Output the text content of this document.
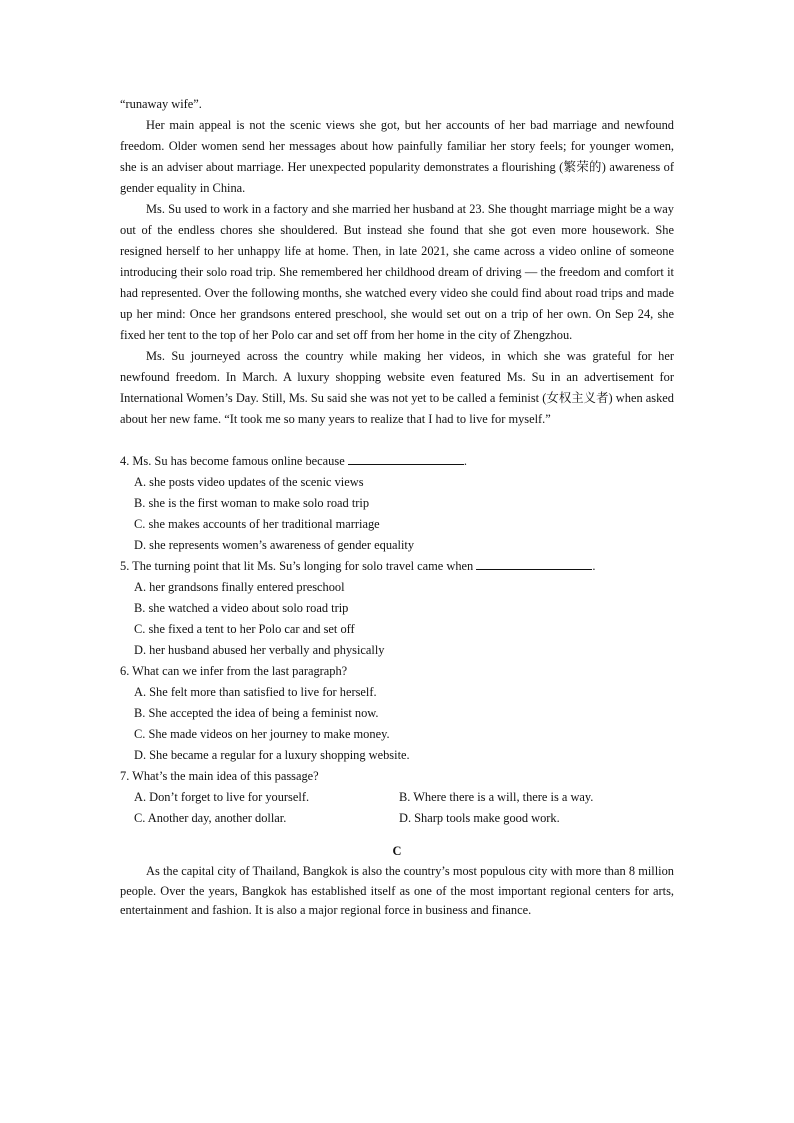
“runaway wife”.

Her main appeal is not the scenic views she got, but her accounts of her bad marriage and newfound freedom. Older women send her messages about how painfully familiar her story feels; for younger women, she is an adviser about marriage. Her unexpected popularity demonstrates a flourishing (繁荣的) awareness of gender equality in China.

Ms. Su used to work in a factory and she married her husband at 23. She thought marriage might be a way out of the endless chores she shouldered. But instead she found that she got even more housework. She resigned herself to her unhappy life at home. Then, in late 2021, she came across a video online of someone introducing their solo road trip. She remembered her childhood dream of driving — the freedom and comfort it had represented. Over the following months, she watched every video she could find about road trips and made up her mind: Once her grandsons entered preschool, she would set out on a trip of her own. On Sep 24, she fixed her tent to the top of her Polo car and set off from her home in the city of Zhengzhou.

Ms. Su journeyed across the country while making her videos, in which she was grateful for her newfound freedom. In March. A luxury shopping website even featured Ms. Su in an advertisement for International Women’s Day. Still, Ms. Su said she was not yet to be called a feminist (女权主义者) when asked about her new fame. “It took me so many years to realize that I had to live for myself.”

4. Ms. Su has become famous online because	.

A. she posts video updates of the scenic views

B. she is the first woman to make solo road trip

C. she makes accounts of her traditional marriage

D. she represents women’s awareness of gender equality

5. The turning point that lit Ms. Su’s longing for solo travel came when	.

A. her grandsons finally entered preschool

B. she watched a video about solo road trip

C. she fixed a tent to her Polo car and set off

D. her husband abused her verbally and physically

6. What can we infer from the last paragraph?

A. She felt more than satisfied to live for herself.

B. She accepted the idea of being a feminist now.

C. She made videos on her journey to make money.

D. She became a regular for a luxury shopping website.

7. What’s the main idea of this passage?

A. Don’t forget to live for yourself.	B. Where there is a will, there is a way.
C. Another day, another dollar.	D. Sharp tools make good work.

C

As the capital city of Thailand, Bangkok is also the country’s most populous city with more than 8 million people. Over the years, Bangkok has established itself as one of the most important regional centers for arts, entertainment and fashion. It is also a major regional force in business and finance.
